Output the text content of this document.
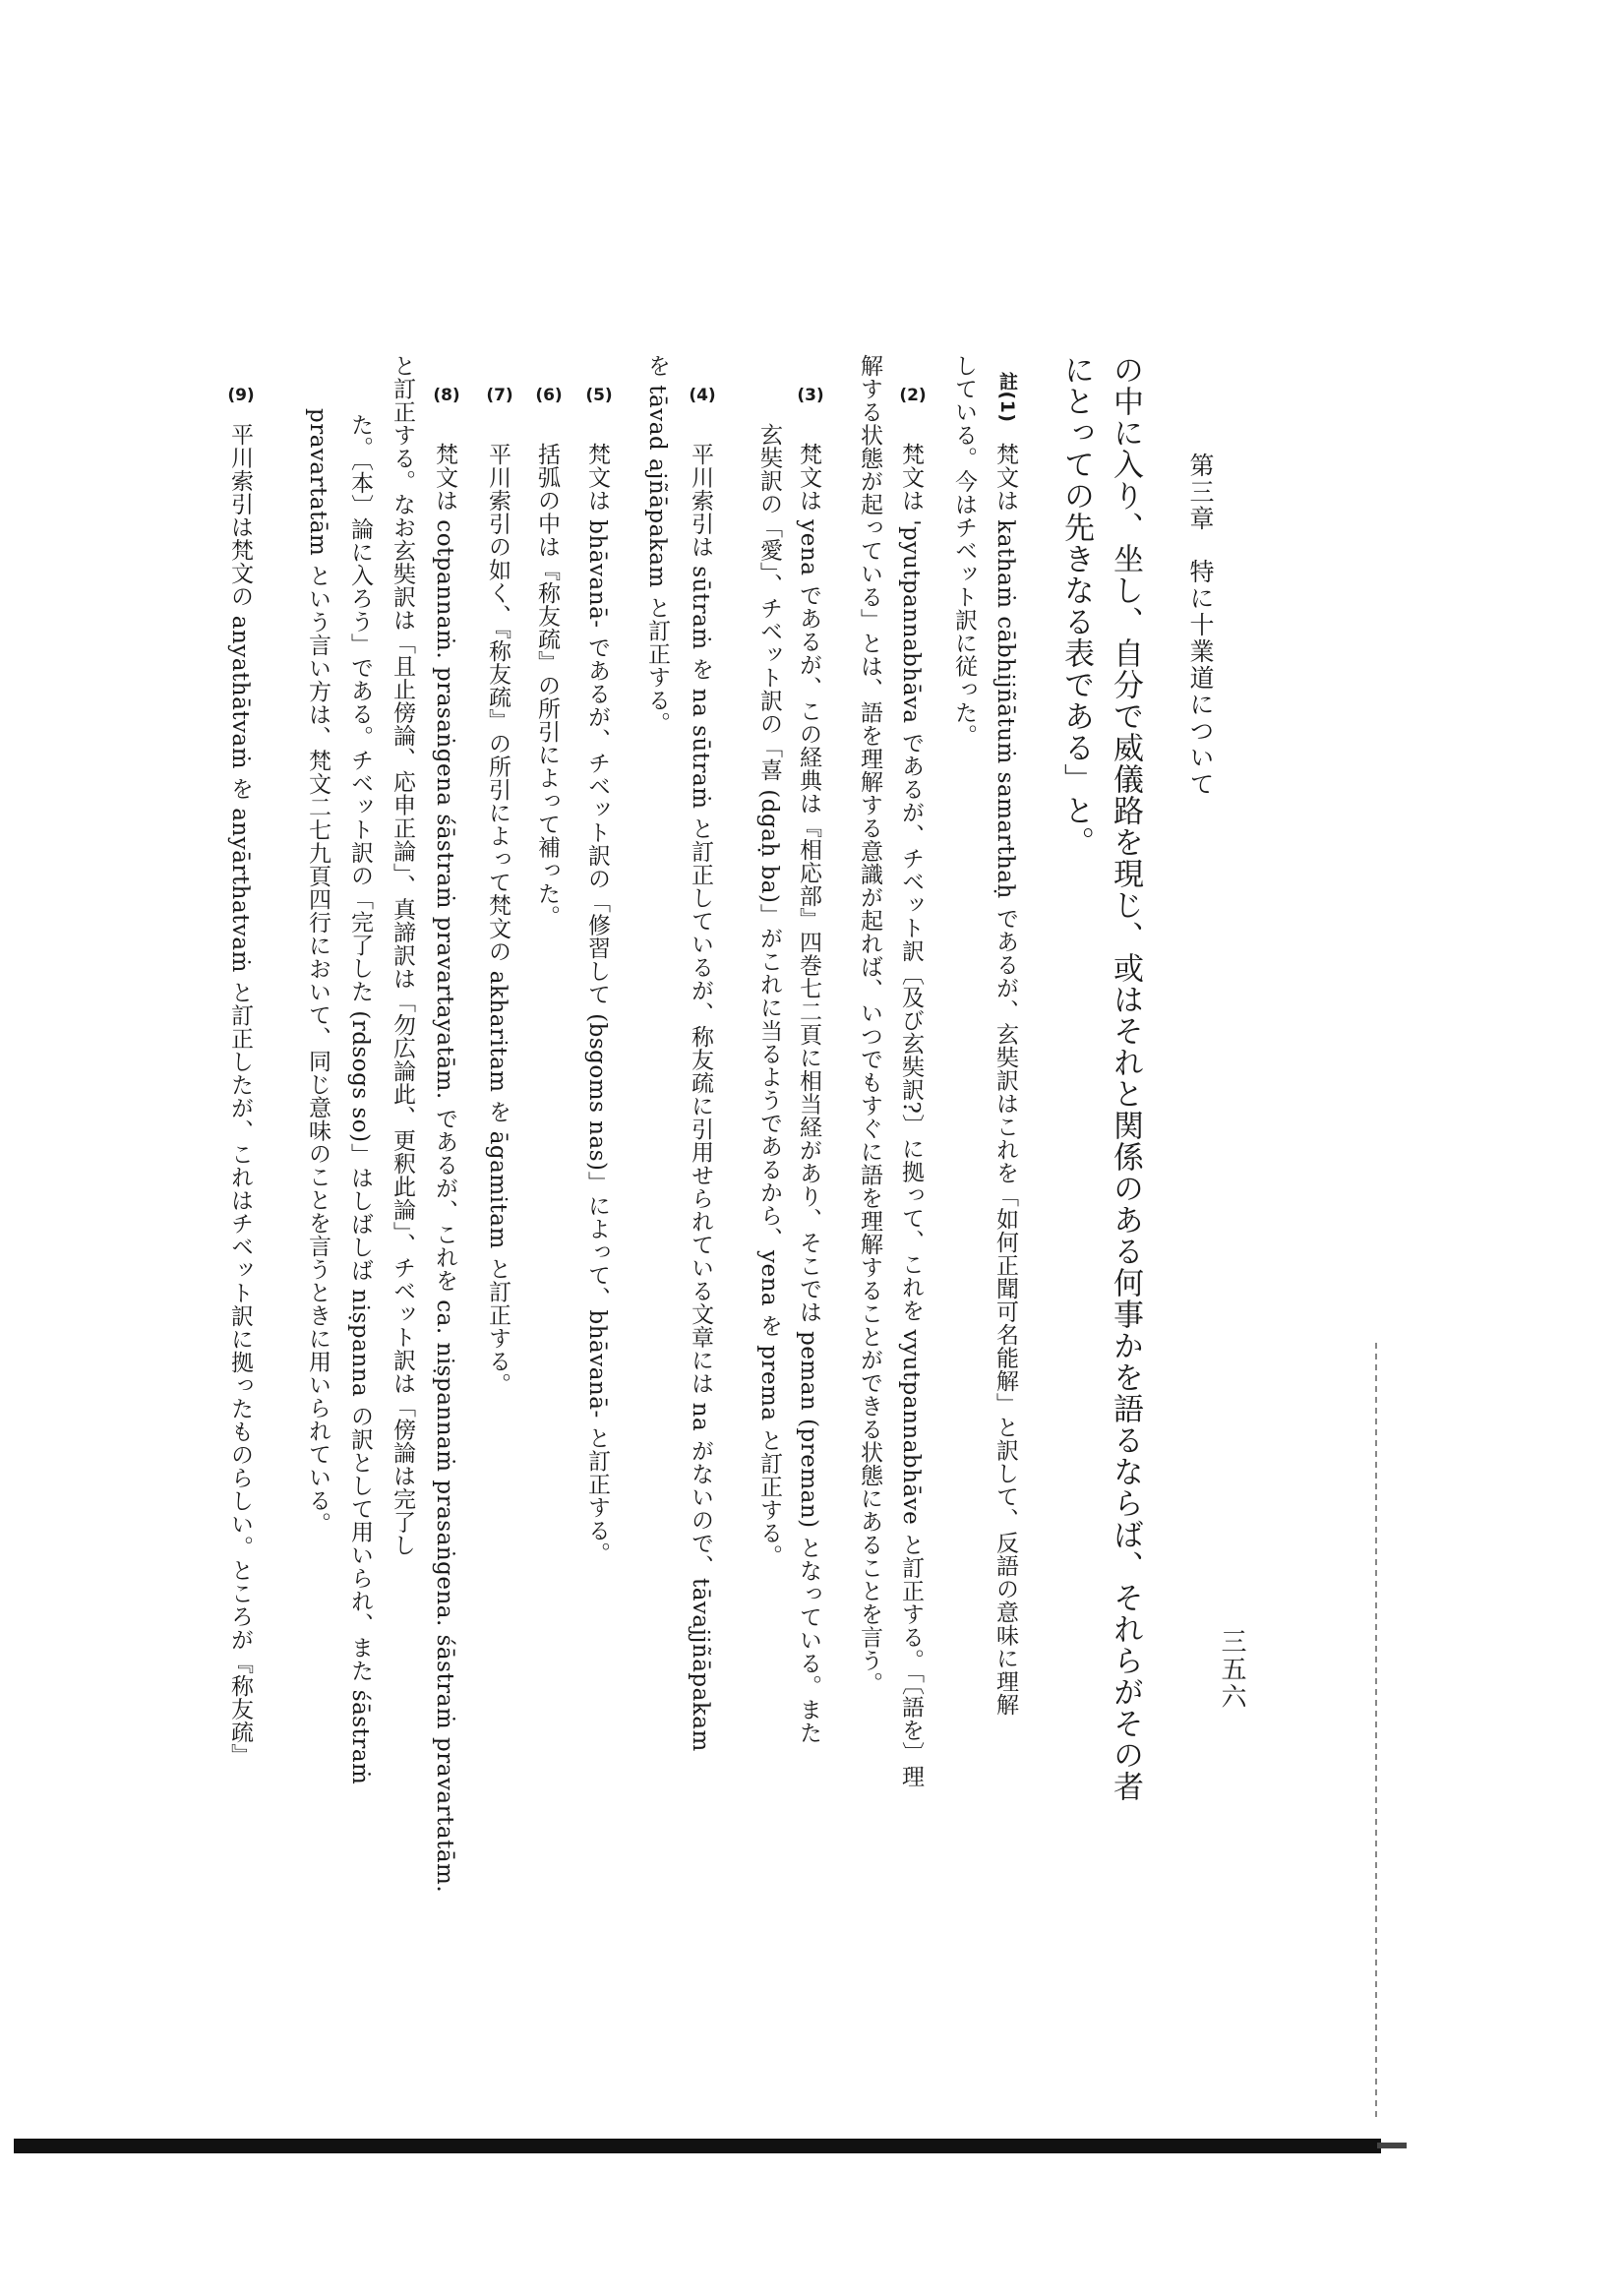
三五六
第三章　特に十業道について
の中に入り、坐し、自分で威儀路を現じ、或はそれと関係のある何事かを語るならば、それらがその者
にとっての先きなる表である」と。
註(1)
梵文は kathaṁ cābhijñātuṁ samarthaḥ であるが、玄奘訳はこれを「如何正聞可名能解」と訳して、反語の意味に理解
している。今はチベット訳に従った。
(2)
梵文は 'pyutpannabhāva であるが、チベット訳〔及び玄奘訳?〕に拠って、これを vyutpannabhāve と訂正する。「〔語を〕理
解する状態が起っている」とは、語を理解する意識が起れば、いつでもすぐに語を理解することができる状態にあることを言う。
(3)
梵文は yena であるが、この経典は『相応部』四巻七二頁に相当経があり、そこでは peman (preman) となっている。また
玄奘訳の「愛」、チベット訳の「喜 (dgaḥ ba)」がこれに当るようであるから、yena を prema と訂正する。
(4)
平川索引は sūtraṁ を na sūtraṁ と訂正しているが、称友疏に引用せられている文章には na がないので、tāvajjñāpakam
を tāvad ajñāpakam と訂正する。
(5)
梵文は bhāvanā- であるが、チベット訳の「修習して (bsgoms nas)」によって、bhāvanā- と訂正する。
(6)
括弧の中は『称友疏』の所引によって補った。
(7)
平川索引の如く、『称友疏』の所引によって梵文の akharitam を āgamitam と訂正する。
(8)
梵文は cotpannaṁ. prasaṅgena śāstraṁ pravartayatām. であるが、これを ca. niṣpannaṁ prasaṅgena. śāstraṁ pravartatām.
と訂正する。なお玄奘訳は「且止傍論、応申正論」、真諦訳は「勿広論此、更釈此論」、チベット訳は「傍論は完了し
た。〔本〕論に入ろう」である。チベット訳の「完了した (rdsogs so)」はしばしば niṣpanna の訳として用いられ、また śāstraṁ
pravartatām という言い方は、梵文二七九頁四行において、同じ意味のことを言うときに用いられている。
(9)
平川索引は梵文の anyathātvaṁ を anyārthatvaṁ と訂正したが、これはチベット訳に拠ったものらしい。ところが『称友疏』
